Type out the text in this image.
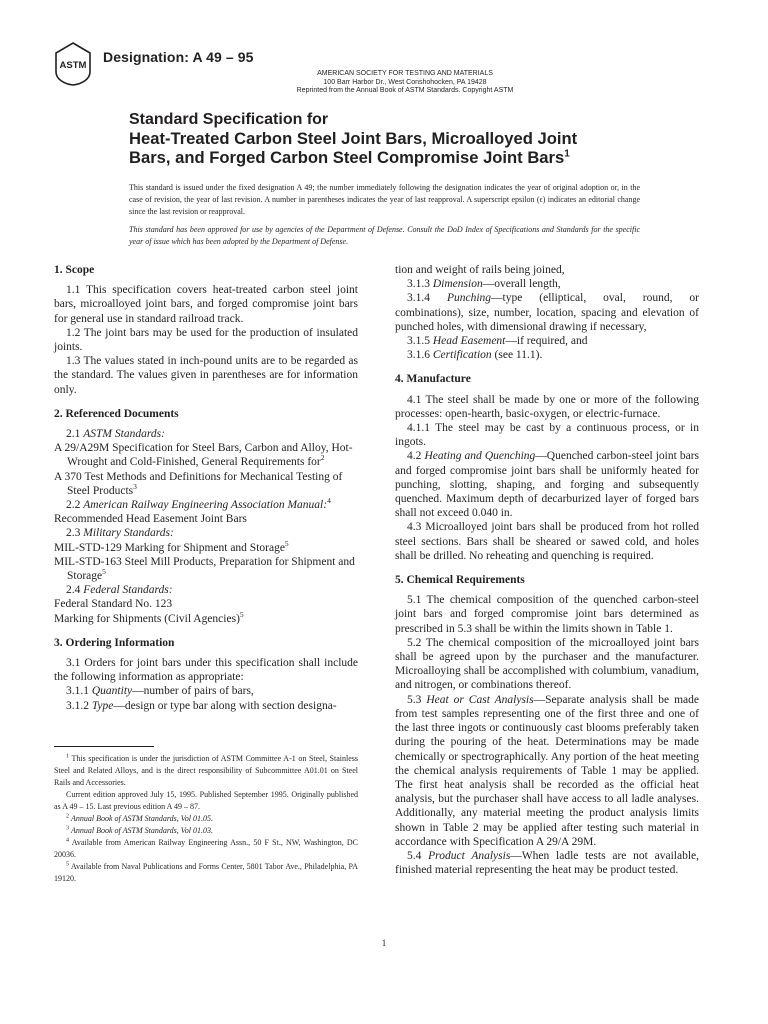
ASTM
Designation: A 49 – 95
AMERICAN SOCIETY FOR TESTING AND MATERIALS
100 Barr Harbor Dr., West Conshohocken, PA 19428
Reprinted from the Annual Book of ASTM Standards. Copyright ASTM
Standard Specification for
Heat-Treated Carbon Steel Joint Bars, Microalloyed Joint
Bars, and Forged Carbon Steel Compromise Joint Bars$^1$
This standard is issued under the fixed designation A 49; the number immediately following the designation indicates the year of original adoption or, in the case of revision, the year of last revision. A number in parentheses indicates the year of last reapproval. A superscript epsilon (ϵ) indicates an editorial change since the last revision or reapproval.
This standard has been approved for use by agencies of the Department of Defense. Consult the DoD Index of Specifications and Standards for the specific year of issue which has been adopted by the Department of Defense.
1. Scope

1.1 This specification covers heat-treated carbon steel joint bars, microalloyed joint bars, and forged compromise joint bars for general use in standard railroad track.

1.2 The joint bars may be used for the production of insulated joints.

1.3 The values stated in inch-pound units are to be regarded as the standard. The values given in parentheses are for information only.

2. Referenced Documents

2.1 ASTM Standards:

A 29/A29M Specification for Steel Bars, Carbon and Alloy, Hot-Wrought and Cold-Finished, General Requirements for$^2$

A 370 Test Methods and Definitions for Mechanical Testing of Steel Products$^3$

2.2 American Railway Engineering Association Manual:$^4$

Recommended Head Easement Joint Bars

2.3 Military Standards:

MIL-STD-129 Marking for Shipment and Storage$^5$

MIL-STD-163 Steel Mill Products, Preparation for Shipment and Storage$^5$

2.4 Federal Standards:

Federal Standard No. 123

Marking for Shipments (Civil Agencies)$^5$

3. Ordering Information

3.1 Orders for joint bars under this specification shall include the following information as appropriate:

3.1.1 Quantity—number of pairs of bars,

3.1.2 Type—design or type bar along with section designa-

tion and weight of rails being joined,

3.1.3 Dimension—overall length,

3.1.4 Punching—type (elliptical, oval, round, or combinations), size, number, location, spacing and elevation of punched holes, with dimensional drawing if necessary,

3.1.5 Head Easement—if required, and

3.1.6 Certification (see 11.1).

4. Manufacture

4.1 The steel shall be made by one or more of the following processes: open-hearth, basic-oxygen, or electric-furnace.

4.1.1 The steel may be cast by a continuous process, or in ingots.

4.2 Heating and Quenching—Quenched carbon-steel joint bars and forged compromise joint bars shall be uniformly heated for punching, slotting, shaping, and forging and subsequently quenched. Maximum depth of decarburized layer of forged bars shall not exceed 0.040 in.

4.3 Microalloyed joint bars shall be produced from hot rolled steel sections. Bars shall be sheared or sawed cold, and holes shall be drilled. No reheating and quenching is required.

5. Chemical Requirements

5.1 The chemical composition of the quenched carbon-steel joint bars and forged compromise joint bars determined as prescribed in 5.3 shall be within the limits shown in Table 1.

5.2 The chemical composition of the microalloyed joint bars shall be agreed upon by the purchaser and the manufacturer. Microalloying shall be accomplished with columbium, vanadium, and nitrogen, or combinations thereof.

5.3 Heat or Cast Analysis—Separate analysis shall be made from test samples representing one of the first three and one of the last three ingots or continuously cast blooms preferably taken during the pouring of the heat. Determinations may be made chemically or spectrographically. Any portion of the heat meeting the chemical analysis requirements of Table 1 may be applied. The first heat analysis shall be recorded as the official heat analysis, but the purchaser shall have access to all ladle analyses. Additionally, any material meeting the product analysis limits shown in Table 2 may be applied after testing such material in accordance with Specification A 29/A 29M.

5.4 Product Analysis—When ladle tests are not available, finished material representing the heat may be product tested.

$^1$ This specification is under the jurisdiction of ASTM Committee A-1 on Steel, Stainless Steel and Related Alloys, and is the direct responsibility of Subcommittee A01.01 on Steel Rails and Accessories.

Current edition approved July 15, 1995. Published September 1995. Originally published as A 49 – 15. Last previous edition A 49 – 87.

$^2$ Annual Book of ASTM Standards, Vol 01.05.

$^3$ Annual Book of ASTM Standards, Vol 01.03.

$^4$ Available from American Railway Engineering Assn., 50 F St., NW, Washington, DC 20036.

$^5$ Available from Naval Publications and Forms Center, 5801 Tabor Ave., Philadelphia, PA 19120.

1
